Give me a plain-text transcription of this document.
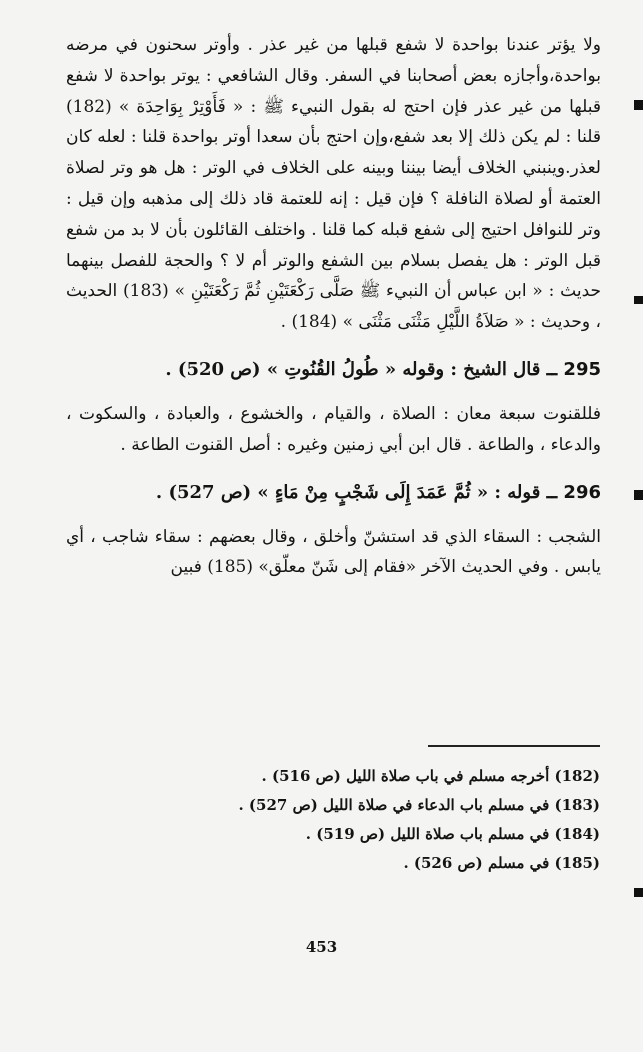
ولا يؤتر عندنا بواحدة لا شفع قبلها من غير عذر . وأوتر سحنون في مرضه بواحدة،وأجازه بعض أصحابنا في السفر. وقال الشافعي : يوتر بواحدة لا شفع قبلها من غير عذر فإن احتج له بقول النبيء ﷺ : « فَأَوْتِرْ بِوَاحِدَة » (182) قلنا : لم يكن ذلك إلا بعد شفع،وإن احتج بأن سعدا أوتر بواحدة قلنا : لعله كان لعذر.وينبني الخلاف أيضا بيننا وبينه على الخلاف في الوتر : هل هو وتر لصلاة العتمة أو لصلاة النافلة ؟ فإن قيل : إنه للعتمة قاد ذلك إلى مذهبه وإن قيل : وتر للنوافل احتيج إلى شفع قبله كما قلنا . واختلف القائلون بأن لا بد من شفع قبل الوتر : هل يفصل بسلام بين الشفع والوتر أم لا ؟ والحجة للفصل بينهما حديث : « ابن عباس أن النبيء ﷺ صَلَّى رَكْعَتَيْنِ ثُمَّ رَكْعَتَيْنِ » (183) الحديث ، وحديث : « صَلاَةُ اللَّيْلِ مَثْنَى مَثْنَى » (184) .

295 ــ قال الشيخ : وقوله « طُولُ القُنُوتِ » (ص 520) .

فللقنوت سبعة معان : الصلاة ، والقيام ، والخشوع ، والعبادة ، والسكوت ، والدعاء ، والطاعة . قال ابن أبي زمنين وغيره : أصل القنوت الطاعة .

296 ــ قوله : « ثُمَّ عَمَدَ إِلَى شَجْبٍ مِنْ مَاءٍ » (ص 527) .

الشجب : السقاء الذي قد استشنّ وأخلق ، وقال بعضهم : سقاء شاجب ، أي يابس . وفي الحديث الآخر «فقام إلى شَنّ معلّق» (185) فبين

(182) أخرجه مسلم في باب صلاة الليل (ص 516) .

(183) في مسلم باب الدعاء في صلاة الليل (ص 527) .

(184) في مسلم باب صلاة الليل (ص 519) .

(185) في مسلم (ص 526) .

453
